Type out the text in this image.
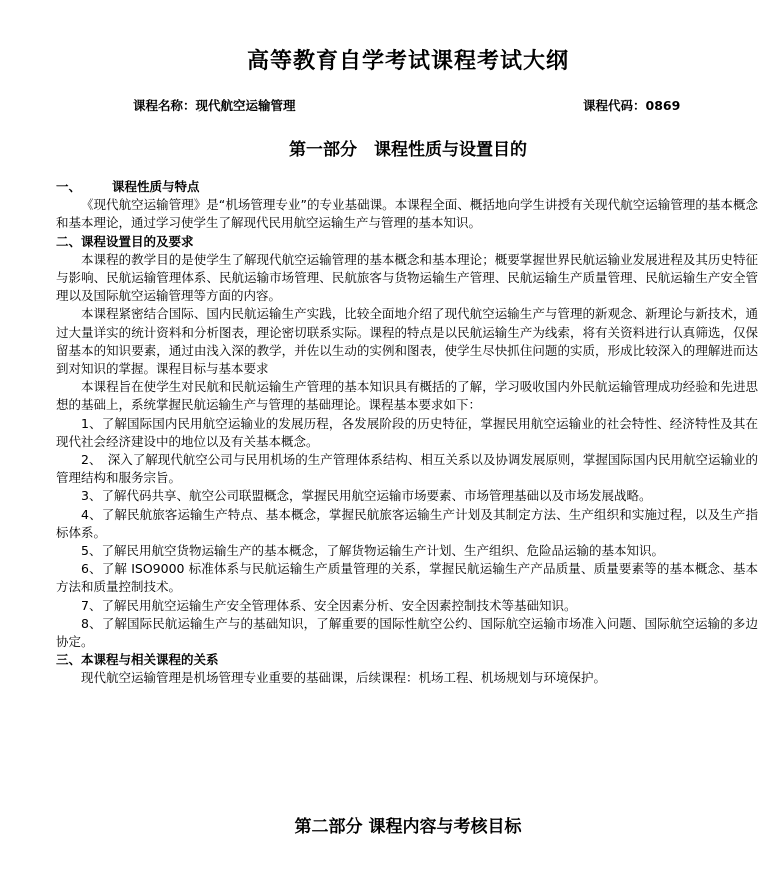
高等教育自学考试课程考试大纲
课程名称：现代航空运输管理	课程代码：0869
第一部分　课程性质与设置目的
一、 课程性质与特点
《现代航空运输管理》是“机场管理专业”的专业基础课。本课程全面、概括地向学生讲授有关现代航空运输管理的基本概念和基本理论，通过学习使学生了解现代民用航空运输生产与管理的基本知识。
二、课程设置目的及要求
本课程的教学目的是使学生了解现代航空运输管理的基本概念和基本理论；概要掌握世界民航运输业发展进程及其历史特征与影响、民航运输管理体系、民航运输市场管理、民航旅客与货物运输生产管理、民航运输生产质量管理、民航运输生产安全管理以及国际航空运输管理等方面的内容。
本课程紧密结合国际、国内民航运输生产实践，比较全面地介绍了现代航空运输生产与管理的新观念、新理论与新技术，通过大量详实的统计资料和分析图表，理论密切联系实际。课程的特点是以民航运输生产为线索，将有关资料进行认真筛选，仅保留基本的知识要素，通过由浅入深的教学，并佐以生动的实例和图表，使学生尽快抓住问题的实质，形成比较深入的理解进而达到对知识的掌握。课程目标与基本要求
本课程旨在使学生对民航和民航运输生产管理的基本知识具有概括的了解，学习吸收国内外民航运输管理成功经验和先进思想的基础上，系统掌握民航运输生产与管理的基础理论。课程基本要求如下：
1、了解国际国内民用航空运输业的发展历程，各发展阶段的历史特征，掌握民用航空运输业的社会特性、经济特性及其在现代社会经济建设中的地位以及有关基本概念。
2、　深入了解现代航空公司与民用机场的生产管理体系结构、相互关系以及协调发展原则，掌握国际国内民用航空运输业的管理结构和服务宗旨。
3、了解代码共享、航空公司联盟概念，掌握民用航空运输市场要素、市场管理基础以及市场发展战略。
4、了解民航旅客运输生产特点、基本概念，掌握民航旅客运输生产计划及其制定方法、生产组织和实施过程，以及生产指标体系。
5、了解民用航空货物运输生产的基本概念，了解货物运输生产计划、生产组织、危险品运输的基本知识。
6、了解 ISO9000 标准体系与民航运输生产质量管理的关系，掌握民航运输生产产品质量、质量要素等的基本概念、基本方法和质量控制技术。
7、了解民用航空运输生产安全管理体系、安全因素分析、安全因素控制技术等基础知识。
8、了解国际民航运输生产与的基础知识，了解重要的国际性航空公约、国际航空运输市场准入问题、国际航空运输的多边协定。
三、本课程与相关课程的关系
现代航空运输管理是机场管理专业重要的基础课，后续课程：机场工程、机场规划与环境保护。
第二部分 课程内容与考核目标
